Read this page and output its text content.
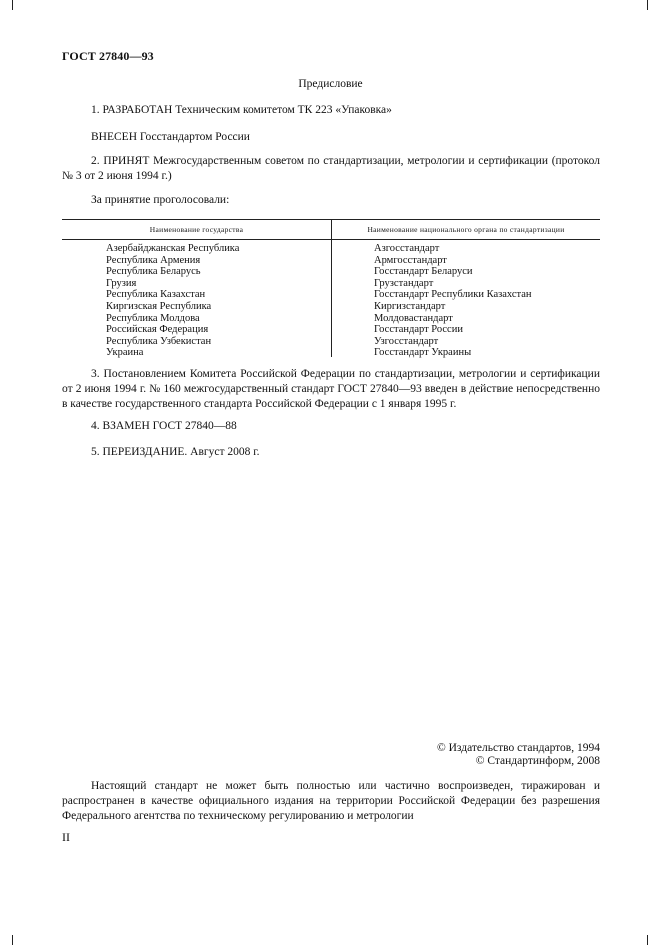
ГОСТ 27840—93
Предисловие
1. РАЗРАБОТАН Техническим комитетом ТК 223 «Упаковка»
ВНЕСЕН Госстандартом России
2. ПРИНЯТ Межгосударственным советом по стандартизации, метрологии и сертификации (протокол № 3 от 2 июня 1994 г.)
За принятие проголосовали:
Наименование государства	Наименование национального органа по стандартизации
Азербайджанская Республика
Республика Армения
Республика Беларусь
Грузия
Республика Казахстан
Киргизская Республика
Республика Молдова
Российская Федерация
Республика Узбекистан
Украина
Азгосстандарт
Армгосстандарт
Госстандарт Беларуси
Грузстандарт
Госстандарт Республики Казахстан
Киргизстандарт
Молдовастандарт
Госстандарт России
Узгосстандарт
Госстандарт Украины
3. Постановлением Комитета Российской Федерации по стандартизации, метрологии и сертификации от 2 июня 1994 г. № 160 межгосударственный стандарт ГОСТ 27840—93 введен в действие непосредственно в качестве государственного стандарта Российской Федерации с 1 января 1995 г.
4. ВЗАМЕН ГОСТ 27840—88
5. ПЕРЕИЗДАНИЕ. Август 2008 г.
© Издательство стандартов, 1994
© Стандартинформ, 2008
Настоящий стандарт не может быть полностью или частично воспроизведен, тиражирован и распространен в качестве официального издания на территории Российской Федерации без разрешения Федерального агентства по техническому регулированию и метрологии
II
